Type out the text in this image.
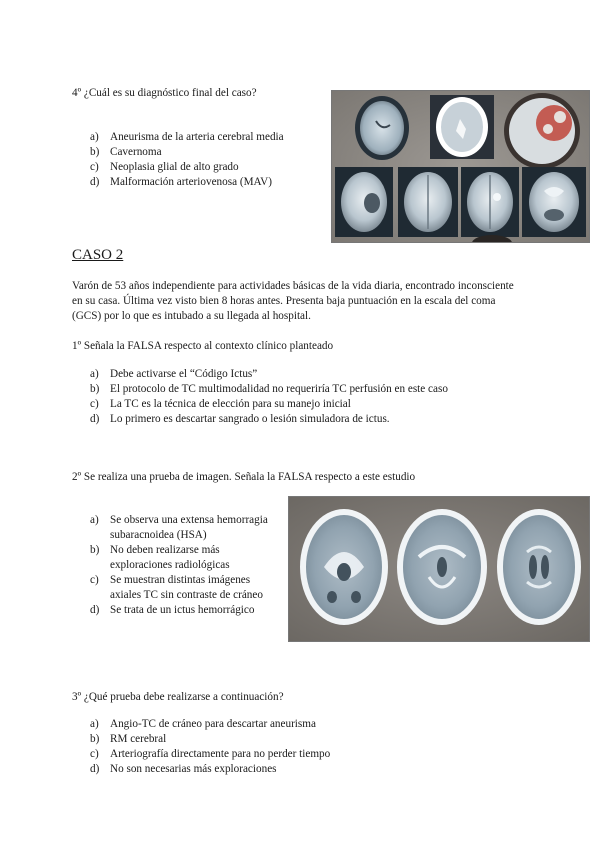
4º ¿Cuál es su diagnóstico final del caso?

a)	Aneurisma de la arteria cerebral media
b) Cavernoma
c)	Neoplasia glial de alto grado
d) Malformación arteriovenosa (MAV)
CASO 2

Varón de 53 años independiente para actividades básicas de la vida diaria, encontrado inconsciente en su casa. Última vez visto bien 8 horas antes. Presenta baja puntuación en la escala del coma (GCS) por lo que es intubado a su llegada al hospital.

1º Señala la FALSA respecto al contexto clínico planteado

a)	Debe activarse el “Código Ictus”
b) El protocolo de TC multimodalidad no requeriría TC perfusión en este caso
c)	La TC es la técnica de elección para su manejo inicial
d) Lo primero es descartar sangrado o lesión simuladora de ictus.

2º Se realiza una prueba de imagen. Señala la FALSA respecto a este estudio

a)	Se observa una extensa hemorragia subaracnoidea (HSA)
b) No deben realizarse más exploraciones radiológicas
c)	Se muestran distintas imágenes axiales TC sin contraste de cráneo
d) Se trata de un ictus hemorrágico

3º ¿Qué prueba debe realizarse a continuación?

a)	Angio-TC de cráneo para descartar aneurisma
b) RM cerebral
c)	Arteriografía directamente para no perder tiempo
d) No son necesarias más exploraciones
